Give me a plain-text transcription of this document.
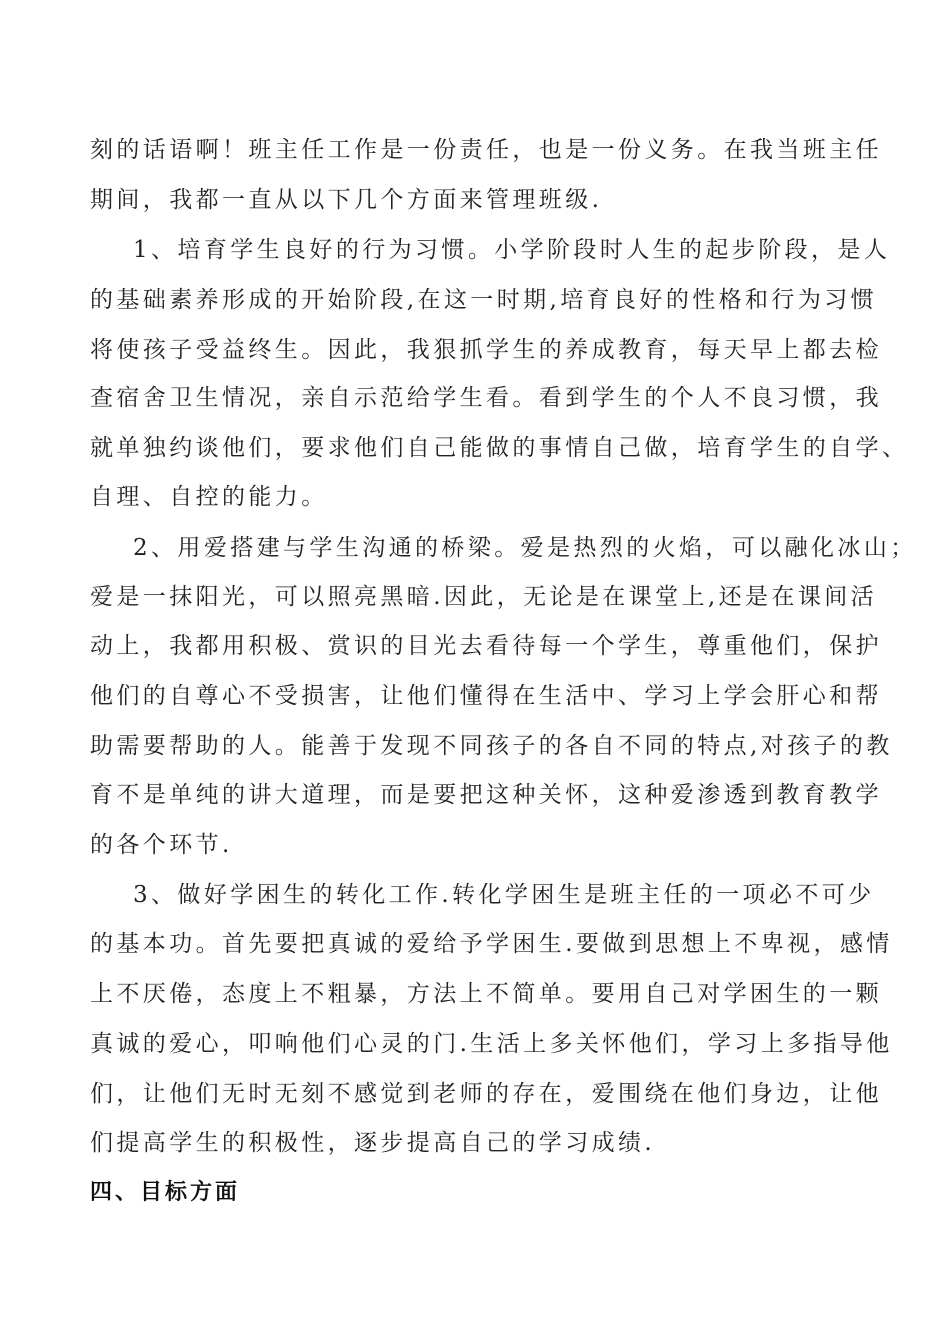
刻的话语啊！班主任工作是一份责任，也是一份义务。在我当班主任
期间，我都一直从以下几个方面来管理班级.
1、培育学生良好的行为习惯。小学阶段时人生的起步阶段，是人
的基础素养形成的开始阶段,在这一时期,培育良好的性格和行为习惯
将使孩子受益终生。因此，我狠抓学生的养成教育，每天早上都去检
查宿舍卫生情况，亲自示范给学生看。看到学生的个人不良习惯，我
就单独约谈他们，要求他们自己能做的事情自己做，培育学生的自学、
自理、自控的能力。
2、用爱搭建与学生沟通的桥梁。爱是热烈的火焰，可以融化冰山；
爱是一抹阳光，可以照亮黑暗.因此，无论是在课堂上,还是在课间活
动上，我都用积极、赏识的目光去看待每一个学生，尊重他们，保护
他们的自尊心不受损害，让他们懂得在生活中、学习上学会肝心和帮
助需要帮助的人。能善于发现不同孩子的各自不同的特点,对孩子的教
育不是单纯的讲大道理，而是要把这种关怀，这种爱渗透到教育教学
的各个环节.
3、做好学困生的转化工作.转化学困生是班主任的一项必不可少
的基本功。首先要把真诚的爱给予学困生.要做到思想上不卑视，感情
上不厌倦，态度上不粗暴，方法上不简单。要用自己对学困生的一颗
真诚的爱心，叩响他们心灵的门.生活上多关怀他们，学习上多指导他
们，让他们无时无刻不感觉到老师的存在，爱围绕在他们身边，让他
们提高学生的积极性，逐步提高自己的学习成绩.
四、目标方面
